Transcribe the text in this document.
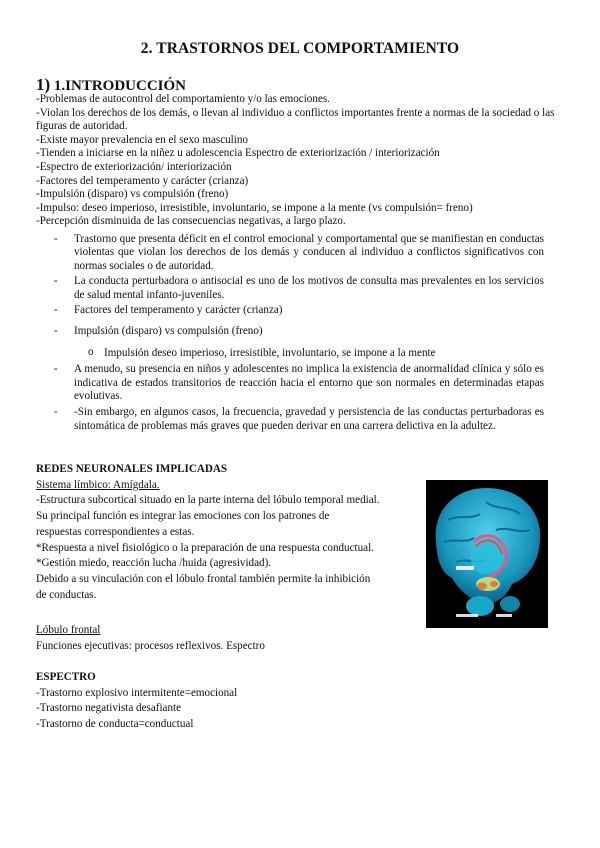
2. TRASTORNOS DEL COMPORTAMIENTO
1) 1.INTRODUCCIÓN

-Problemas de autocontrol del comportamiento y/o las emociones.

-Violan los derechos de los demás, o llevan al individuo a conflictos importantes frente a normas de la sociedad o las figuras de autoridad.

-Existe mayor prevalencia en el sexo masculino

-Tienden a iniciarse en la niñez u adolescencia Espectro de exteriorización / interiorización

-Espectro de exteriorización/ interiorización

-Factores del temperamento y carácter (crianza)

-Impulsión (disparo) vs compulsión (freno)

-Impulso: deseo imperioso, irresistible, involuntario, se impone a la mente (vs compulsión= freno)

-Percepción disminuida de las consecuencias negativas, a largo plazo.

- Trastorno que presenta déficit en el control emocional y comportamental que se manifiestan en conductas violentas que violan los derechos de los demás y conducen al individuo a conflictos significativos con normas sociales o de autoridad.
- La conducta perturbadora o antisocial es uno de los motivos de consulta mas prevalentes en los servicios de salud mental infanto-juveniles.
- Factores del temperamento y carácter (crianza)
- Impulsión (disparo) vs compulsión (freno)
o Impulsión deseo imperioso, irresistible, involuntario, se impone a la mente
- A menudo, su presencia en niños y adolescentes no implica la existencia de anormalidad clínica y sólo es indicativa de estados transitorios de reacción hacia el entorno que son normales en determinadas etapas evolutivas.
- -Sin embargo, en algunos casos, la frecuencia, gravedad y persistencia de las conductas perturbadoras es sintomática de problemas más graves que pueden derivar en una carrera delictiva en la adultez.

REDES NEURONALES IMPLICADAS

Sistema límbico: Amígdala.

-Estructura subcortical situado en la parte interna del lóbulo temporal medial.

Su principal función es integrar las emociones con los patrones de

respuestas correspondientes a estas.

*Respuesta a nivel fisiológico o la preparación de una respuesta conductual.

*Gestión miedo, reacción lucha /huida (agresividad).

Debido a su vinculación con el lóbulo frontal también permite la inhibición

de conductas.

Lóbulo frontal

Funciones ejecutivas: procesos reflexivos. Espectro

ESPECTRO

-Trastorno explosivo intermitente=emocional

-Trastorno negativista desafiante

-Trastorno de conducta=conductual
